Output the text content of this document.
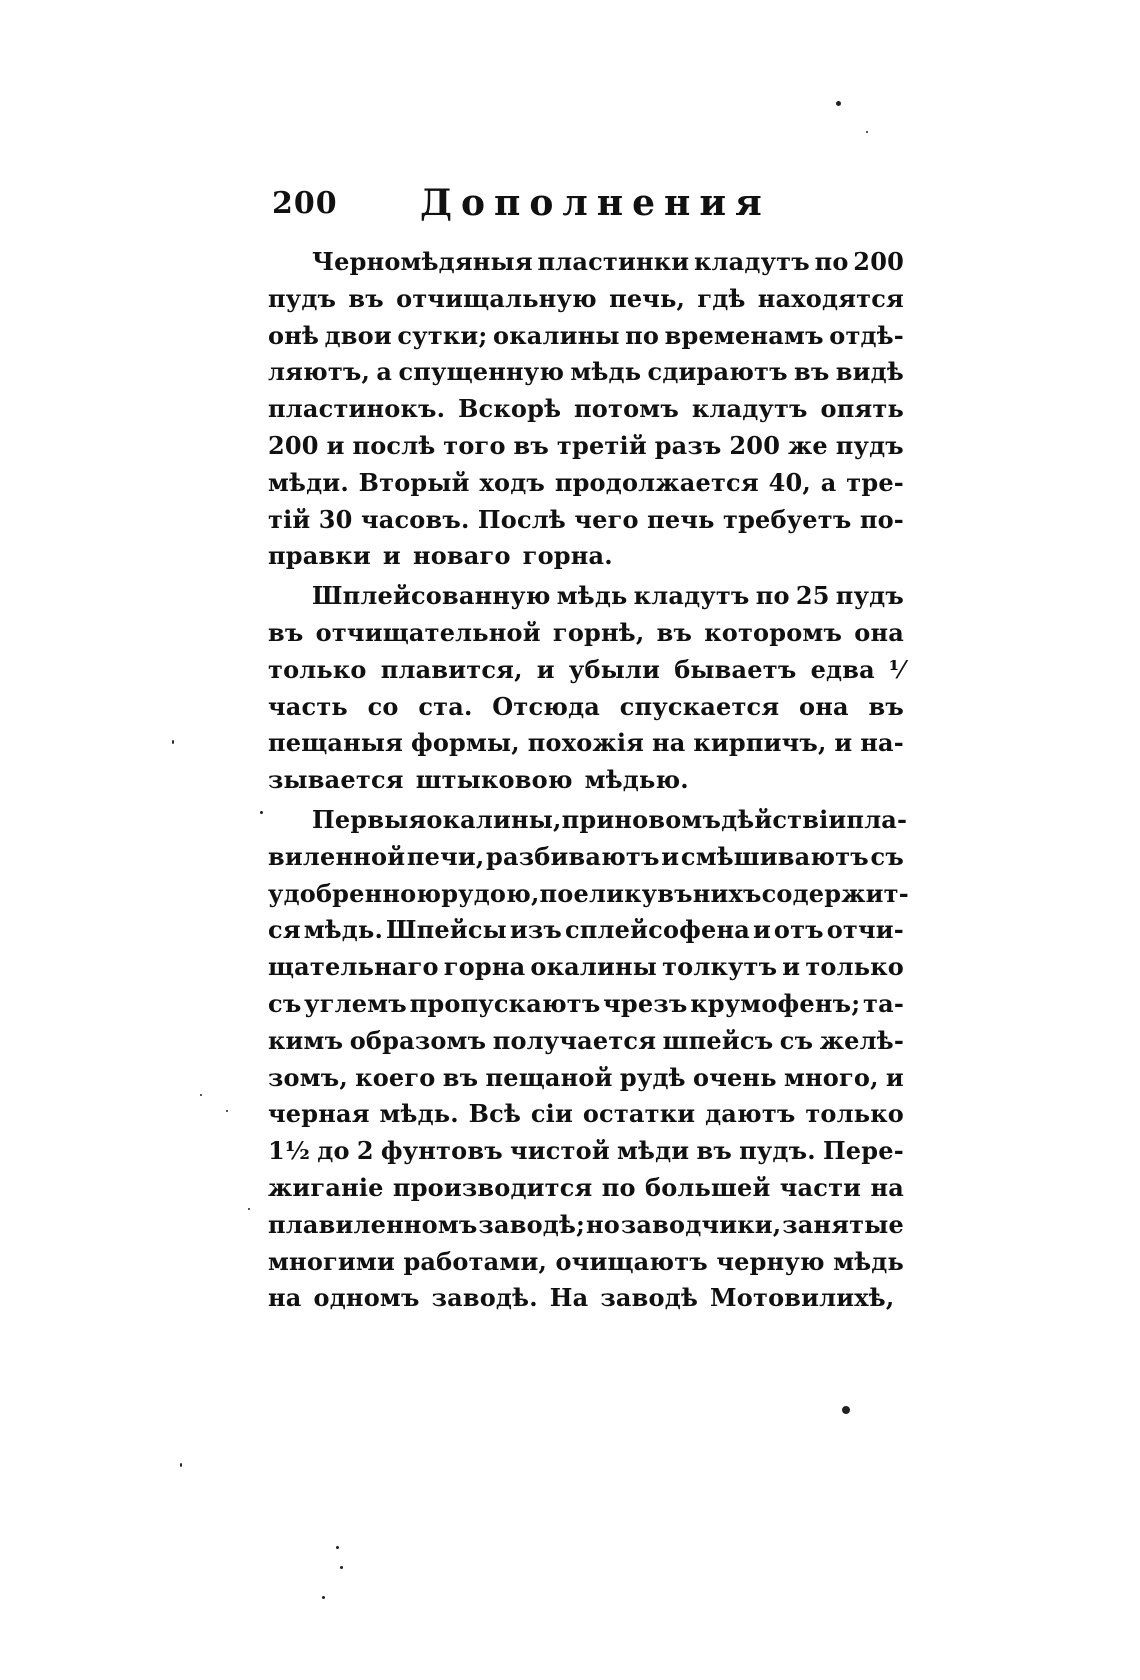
200 Дополнения
Черномѣдяныя пластинки кладутъ по 200
пудъ въ отчищальную печь, гдѣ находятся
онѣ двои сутки; окалины по временамъ отдѣ-
ляютъ, а спущенную мѣдь сдираютъ въ видѣ
пластинокъ. Вскорѣ потомъ кладутъ опять
200 и послѣ того въ третій разъ 200 же пудъ
мѣди. Вторый ходъ продолжается 40, а тре-
тій 30 часовъ. Послѣ чего печь требуетъ по-
правки и новаго горна.
Шплейсованную мѣдь кладутъ по 25 пудъ
въ отчищательной горнѣ, въ которомъ она
только плавится, и убыли бываетъ едва ⅟
часть со ста. Отсюда спускается она въ
пещаныя формы, похожія на кирпичъ, и на-
зывается штыковою мѣдью.
Первыя окалины, при новомъ дѣйствіи пла-
виленной печи, разбиваютъ и смѣшиваютъ съ
удобренною рудою, поелику въ нихъ содержит-
ся мѣдь. Шпейсы изъ сплейсофена и отъ отчи-
щательнаго горна окалины толкутъ и только
съ углемъ пропускаютъ чрезъ крумофенъ; та-
кимъ образомъ получается шпейсъ съ желѣ-
зомъ, коего въ пещаной рудѣ очень много, и
черная мѣдь. Всѣ сіи остатки даютъ только
1½ до 2 фунтовъ чистой мѣди въ пудъ. Пере-
жиганіе производится по большей части на
плавиленномъ заводѣ; но заводчики, занятые
многими работами, очищаютъ черную мѣдь
на одномъ заводѣ. На заводѣ Мотовилихѣ,
